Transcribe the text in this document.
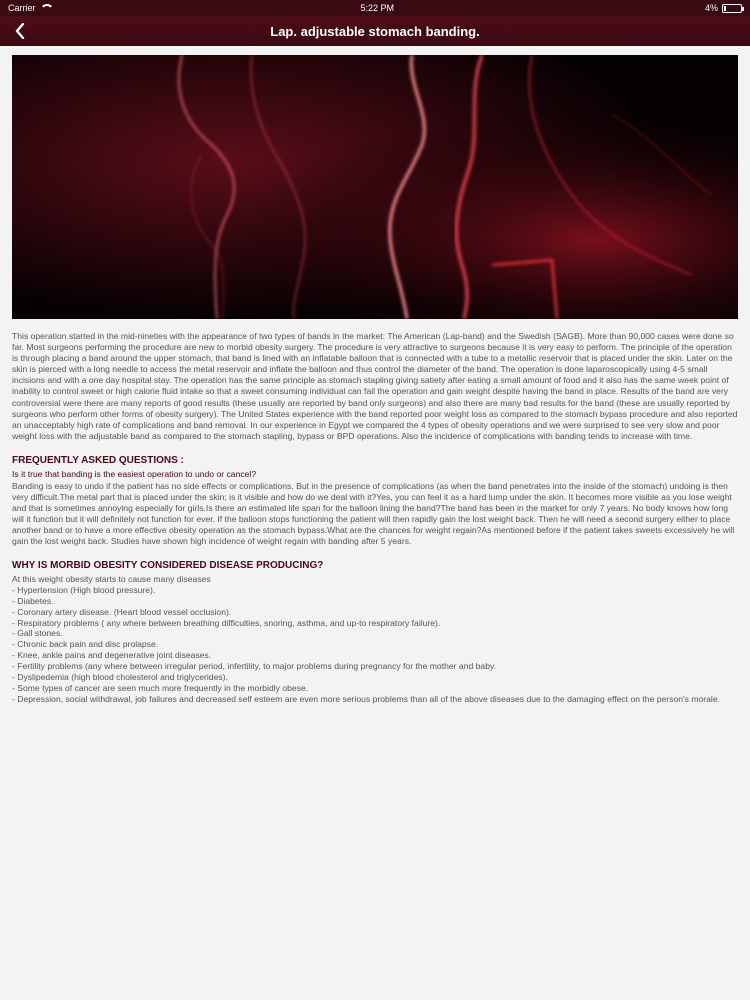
Carrier	5:22 PM	4%
Lap. adjustable stomach banding.

This operation started in the mid-nineties with the appearance of two types of bands in the market: The American (Lap-band) and the Swedish (SAGB). More than 90,000 cases were done so far. Most surgeons performing the procedure are new to morbid obesity surgery. The procedure is very attractive to surgeons because it is very easy to perform. The principle of the operation is through placing a band around the upper stomach, that band is lined with an inflatable balloon that is connected with a tube to a metallic reservoir that is placed under the skin. Later on the skin is pierced with a long needle to access the metal reservoir and inflate the balloon and thus control the diameter of the band. The operation is done laparoscopically using 4-5 small incisions and with a one day hospital stay. The operation has the same principle as stomach stapling giving satiety after eating a small amount of food and it also has the same week point of inability to control sweet or high calorie fluid intake so that a sweet consuming individual can fail the operation and gain weight despite having the band in place. Results of the band are very controversial were there are many reports of good results (these usually are reported by band only surgeons) and also there are many bad results for the band (these are usually reported by surgeons who perform other forms of obesity surgery). The United States experience with the band reported poor weight loss as compared to the stomach bypass procedure and also reported an unacceptably high rate of complications and band removal. In our experience in Egypt we compared the 4 types of obesity operations and we were surprised to see very slow and poor weight loss with the adjustable band as compared to the stomach stapling, bypass or BPD operations. Also the incidence of complications with banding tends to increase with time.

FREQUENTLY ASKED QUESTIONS :
Is it true that banding is the easiest operation to undo or cancel?

Banding is easy to undo if the patient has no side effects or complications. But in the presence of complications (as when the band penetrates into the inside of the stomach) undoing is then very difficult.The metal part that is placed under the skin; is it visible and how do we deal with it?Yes, you can feel it as a hard lump under the skin. It becomes more visible as you lose weight and that is sometimes annoying especially for girls.Is there an estimated life span for the balloon lining the band?The band has been in the market for only 7 years. No body knows how long will it function but it will definitely not function for ever. If the balloon stops functioning the patient will then rapidly gain the lost weight back. Then he will need a second surgery either to place another band or to have a more effective obesity operation as the stomach bypass.What are the chances for weight regain?As mentioned before if the patient takes sweets excessively he will gain the lost weight back. Studies have shown high incidence of weight regain with banding after 5 years.

WHY IS MORBID OBESITY CONSIDERED DISEASE PRODUCING?
At this weight obesity starts to cause many diseases
- Hypertension (High blood pressure).
- Diabetes.
- Coronary artery disease. (Heart blood vessel occlusion).
- Respiratory problems ( any where between breathing difficulties, snoring, asthma, and up-to respiratory failure).
- Gall stones.
- Chronic back pain and disc prolapse.
- Knee, ankle pains and degenerative joint diseases.
- Fertility problems (any where between irregular period, infertility, to major problems during pregnancy for the mother and baby.
- Dyslipedemia (high blood cholesterol and triglycerides).
- Some types of cancer are seen much more frequently in the morbidly obese.
- Depression, social withdrawal, job failures and decreased self esteem are even more serious problems than all of the above diseases due to the damaging effect on the person's morale.
